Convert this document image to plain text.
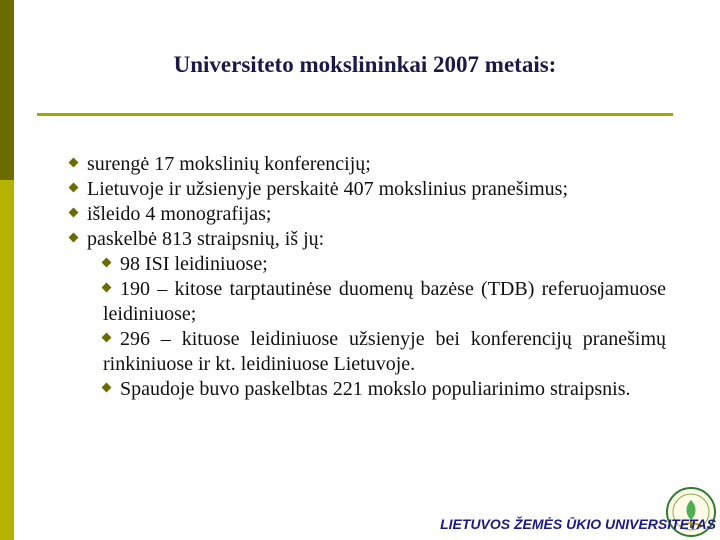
Universiteto mokslininkai 2007 metais:
surengė 17 mokslinių konferencijų;
Lietuvoje ir užsienyje perskaitė 407 mokslinius pranešimus;
išleido 4 monografijas;
paskelbė 813 straipsnių, iš jų:
98 ISI leidiniuose;
190 – kitose tarptautinėse duomenų bazėse (TDB) referuojamuose leidiniuose;
296 – kituose leidiniuose užsienyje bei konferencijų pranešimų rinkiniuose ir kt. leidiniuose Lietuvoje.
Spaudoje buvo paskelbtas 221 mokslo populiarinimo straipsnis.
LIETUVOS ŽEMĖS ŪKIO UNIVERSITETAS
